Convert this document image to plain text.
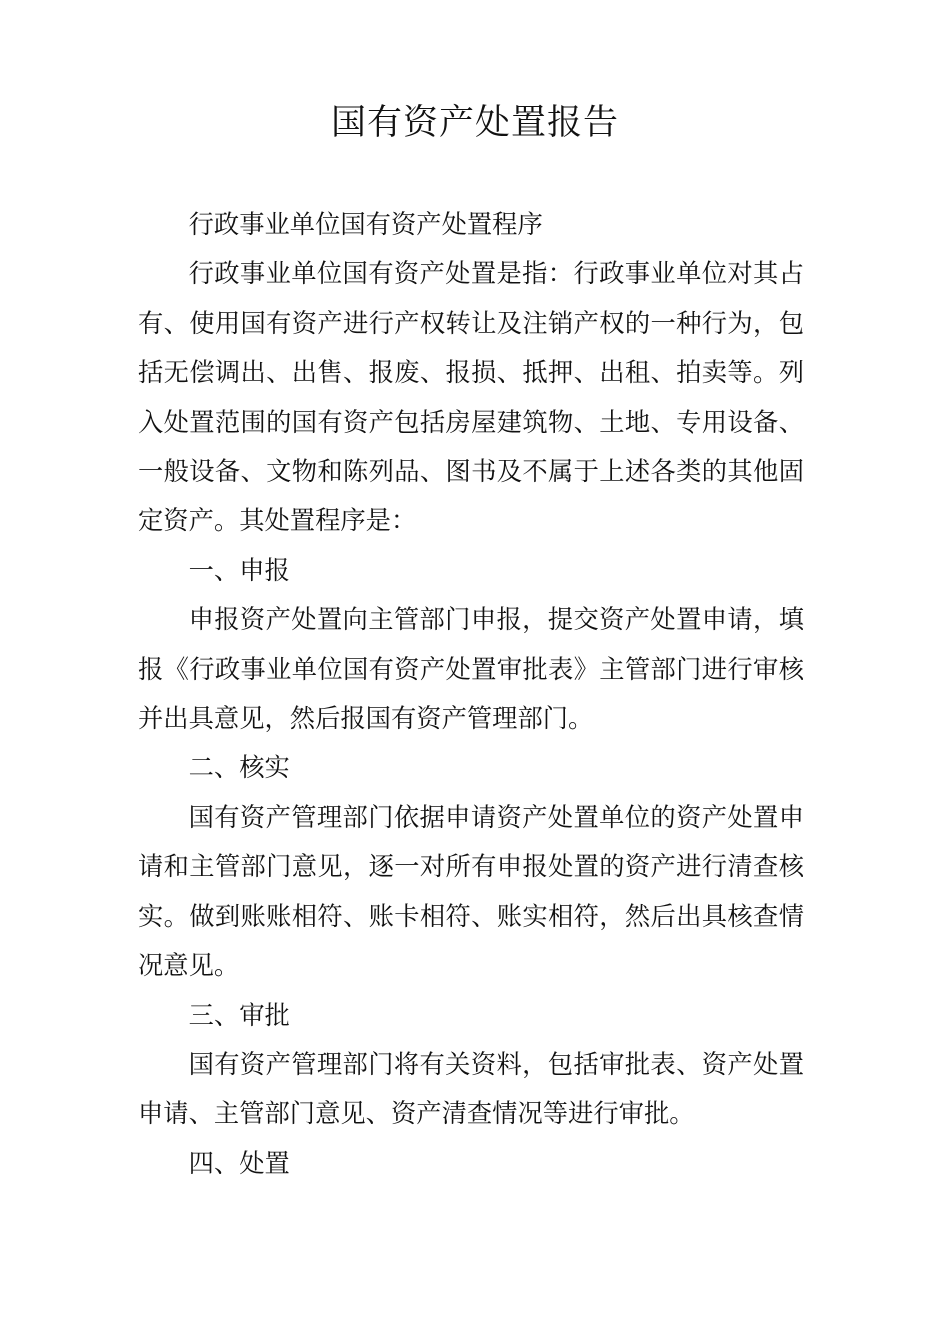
国有资产处置报告

行政事业单位国有资产处置程序

行政事业单位国有资产处置是指：行政事业单位对其占有、使用国有资产进行产权转让及注销产权的一种行为，包括无偿调出、出售、报废、报损、抵押、出租、拍卖等。列入处置范围的国有资产包括房屋建筑物、土地、专用设备、一般设备、文物和陈列品、图书及不属于上述各类的其他固定资产。其处置程序是：

一、申报

申报资产处置向主管部门申报，提交资产处置申请，填报《行政事业单位国有资产处置审批表》主管部门进行审核并出具意见，然后报国有资产管理部门。

二、核实

国有资产管理部门依据申请资产处置单位的资产处置申请和主管部门意见，逐一对所有申报处置的资产进行清查核实。做到账账相符、账卡相符、账实相符，然后出具核查情况意见。

三、审批

国有资产管理部门将有关资料，包括审批表、资产处置申请、主管部门意见、资产清查情况等进行审批。

四、处置
